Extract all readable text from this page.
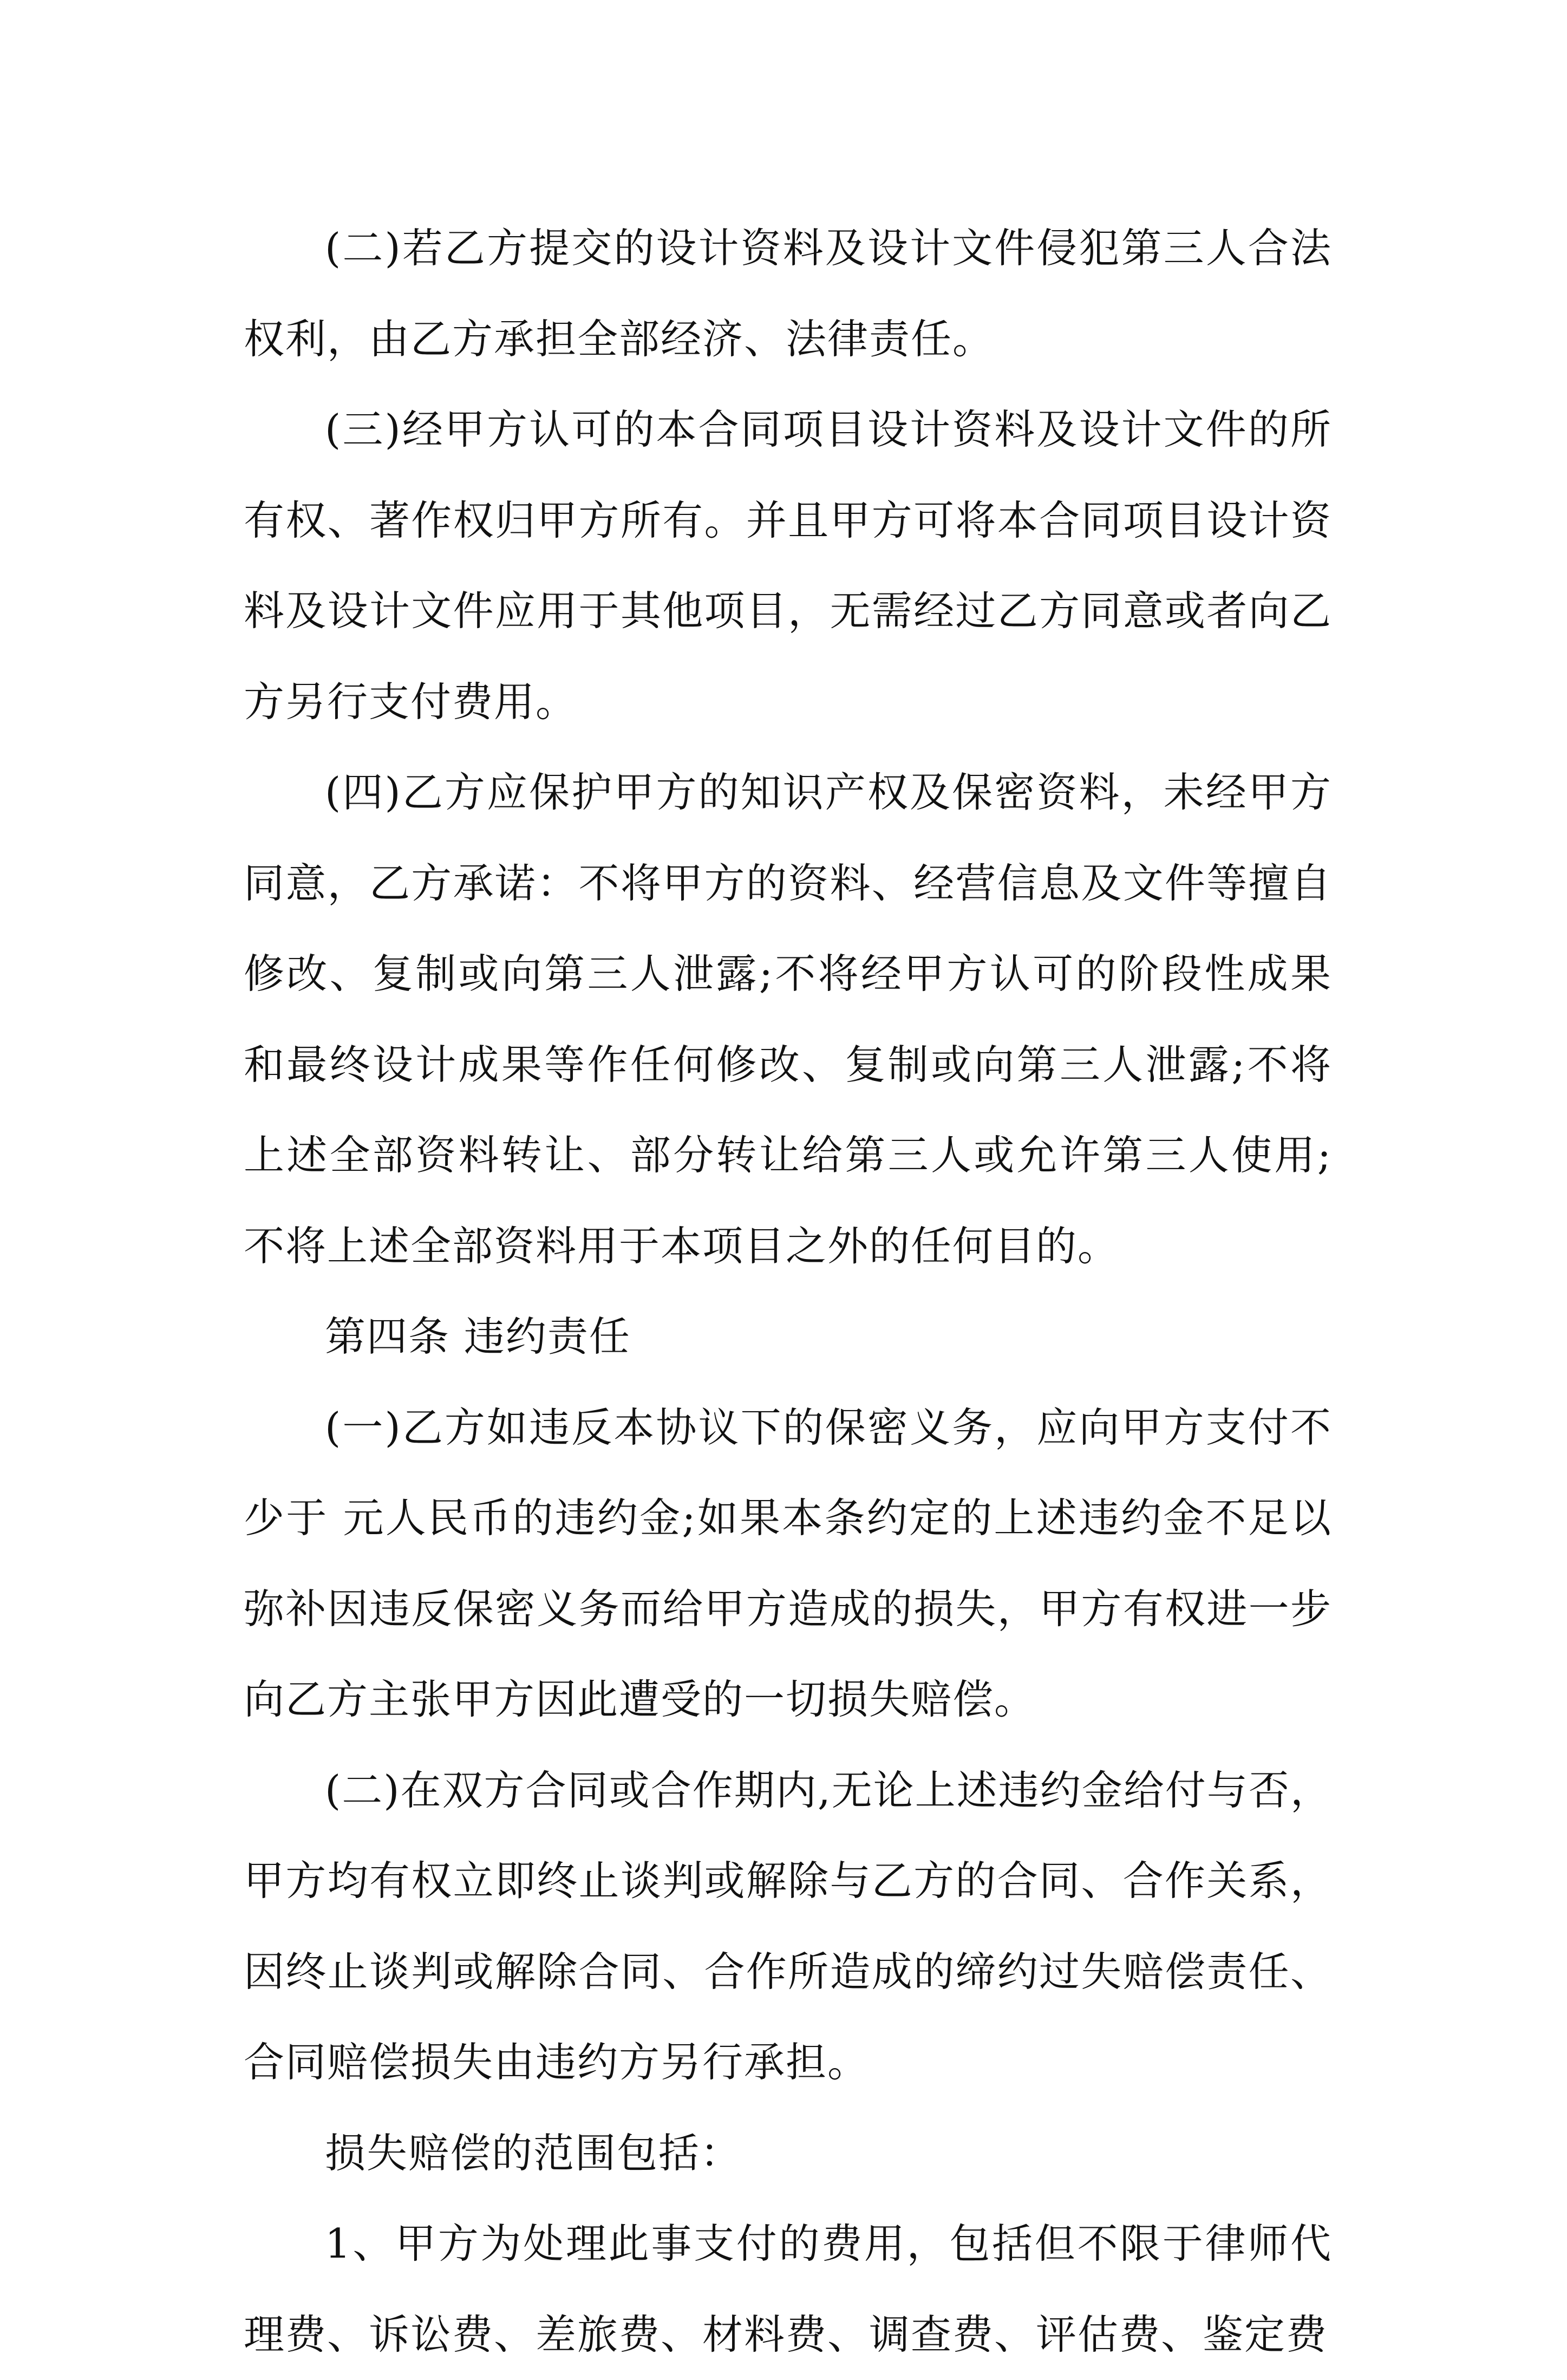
(二)若乙方提交的设计资料及设计文件侵犯第三人合法权利，由乙方承担全部经济、法律责任。

(三)经甲方认可的本合同项目设计资料及设计文件的所有权、著作权归甲方所有。并且甲方可将本合同项目设计资料及设计文件应用于其他项目，无需经过乙方同意或者向乙方另行支付费用。

(四)乙方应保护甲方的知识产权及保密资料，未经甲方同意，乙方承诺：不将甲方的资料、经营信息及文件等擅自修改、复制或向第三人泄露;不将经甲方认可的阶段性成果和最终设计成果等作任何修改、复制或向第三人泄露;不将上述全部资料转让、部分转让给第三人或允许第三人使用;不将上述全部资料用于本项目之外的任何目的。

第四条 违约责任

(一)乙方如违反本协议下的保密义务，应向甲方支付不少于 元人民币的违约金;如果本条约定的上述违约金不足以弥补因违反保密义务而给甲方造成的损失，甲方有权进一步向乙方主张甲方因此遭受的一切损失赔偿。

(二)在双方合同或合作期内,无论上述违约金给付与否，甲方均有权立即终止谈判或解除与乙方的合同、合作关系，因终止谈判或解除合同、合作所造成的缔约过失赔偿责任、合同赔偿损失由违约方另行承担。

损失赔偿的范围包括：

1、甲方为处理此事支付的费用，包括但不限于律师代理费、诉讼费、差旅费、材料费、调查费、评估费、鉴定费
